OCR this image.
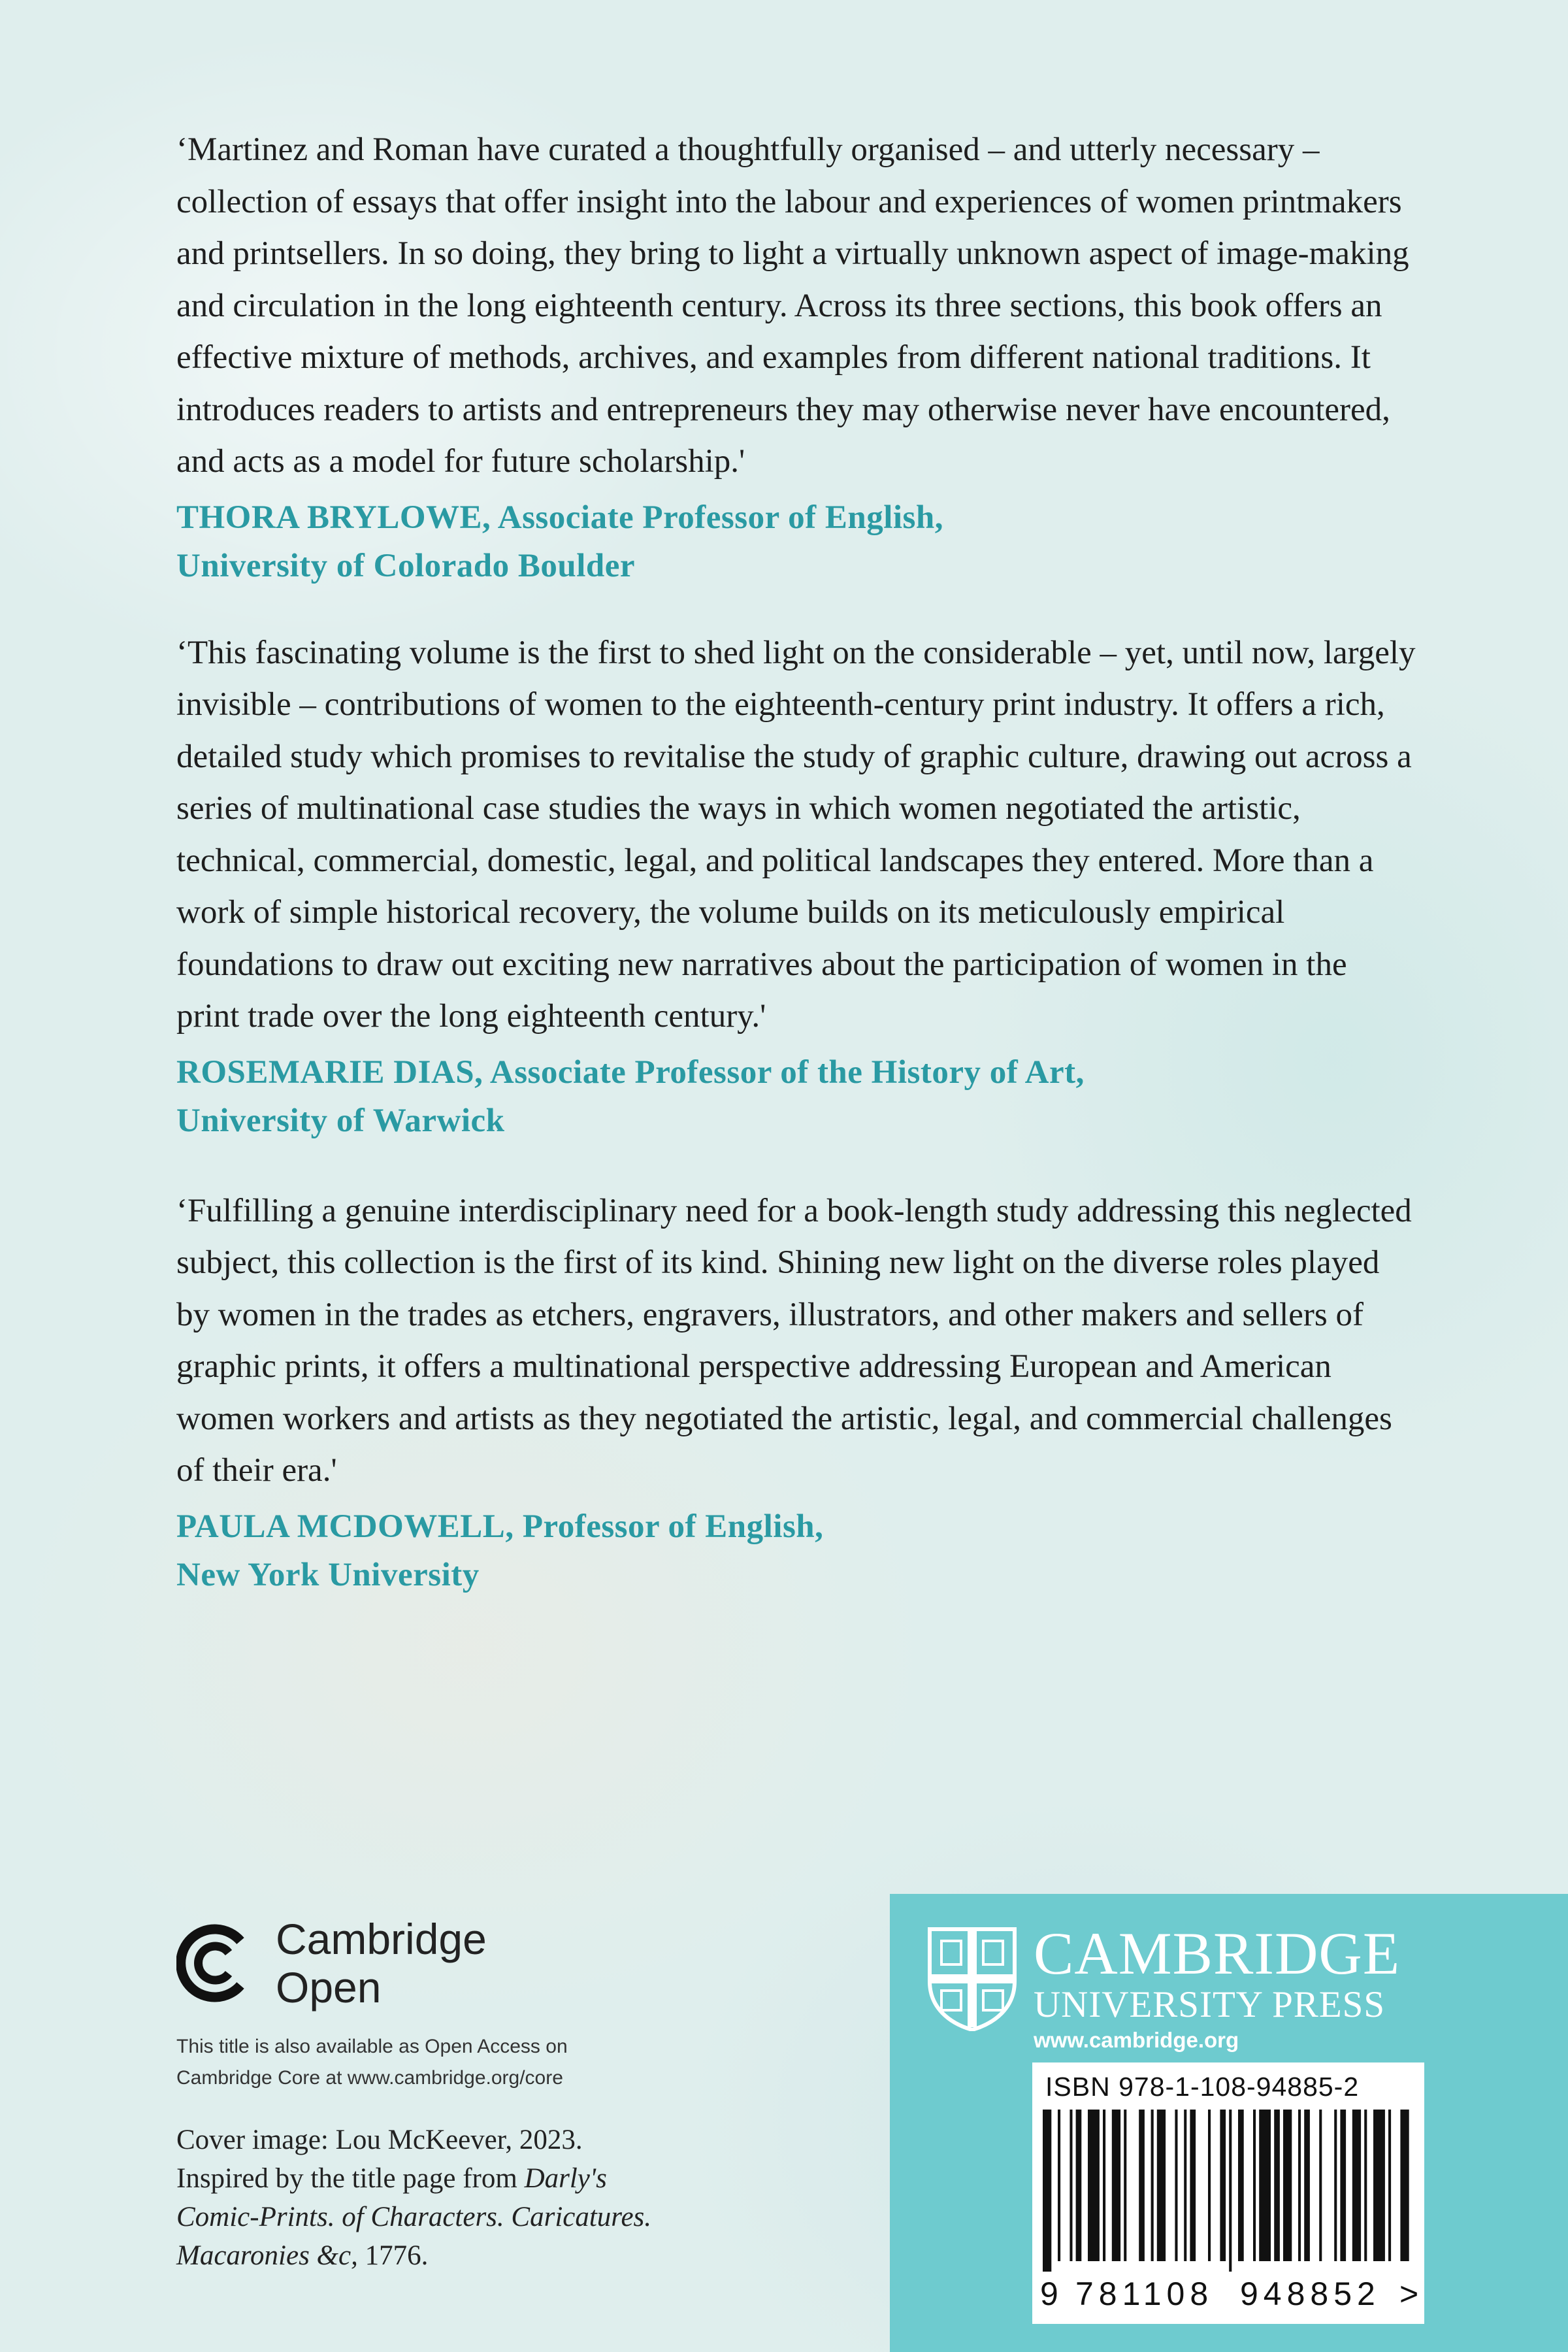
‘Martinez and Roman have curated a thoughtfully organised – and utterly necessary – collection of essays that offer insight into the labour and experiences of women printmakers and printsellers. In so doing, they bring to light a virtually unknown aspect of image-making and circulation in the long eighteenth century. Across its three sections, this book offers an effective mixture of methods, archives, and examples from different national traditions. It introduces readers to artists and entrepreneurs they may otherwise never have encountered, and acts as a model for future scholarship.'

THORA BRYLOWE, Associate Professor of English,
University of Colorado Boulder

‘This fascinating volume is the first to shed light on the considerable – yet, until now, largely invisible – contributions of women to the eighteenth-century print industry. It offers a rich, detailed study which promises to revitalise the study of graphic culture, drawing out across a series of multinational case studies the ways in which women negotiated the artistic, technical, commercial, domestic, legal, and political landscapes they entered. More than a work of simple historical recovery, the volume builds on its meticulously empirical foundations to draw out exciting new narratives about the participation of women in the print trade over the long eighteenth century.'

ROSEMARIE DIAS, Associate Professor of the History of Art,
University of Warwick

‘Fulfilling a genuine interdisciplinary need for a book-length study addressing this neglected subject, this collection is the first of its kind. Shining new light on the diverse roles played by women in the trades as etchers, engravers, illustrators, and other makers and sellers of graphic prints, it offers a multinational perspective addressing European and American women workers and artists as they negotiated the artistic, legal, and commercial challenges of their era.'

PAULA MCDOWELL, Professor of English,
New York University

Cambridge
Open
This title is also available as Open Access on
Cambridge Core at www.cambridge.org/core
Cover image: Lou McKeever, 2023.
Inspired by the title page from Darly's
Comic-Prints. of Characters. Caricatures.
Macaronies &c, 1776.
CAMBRIDGE
UNIVERSITY PRESS
www.cambridge.org
ISBN 978-1-108-94885-2
9 781108 948852 >
